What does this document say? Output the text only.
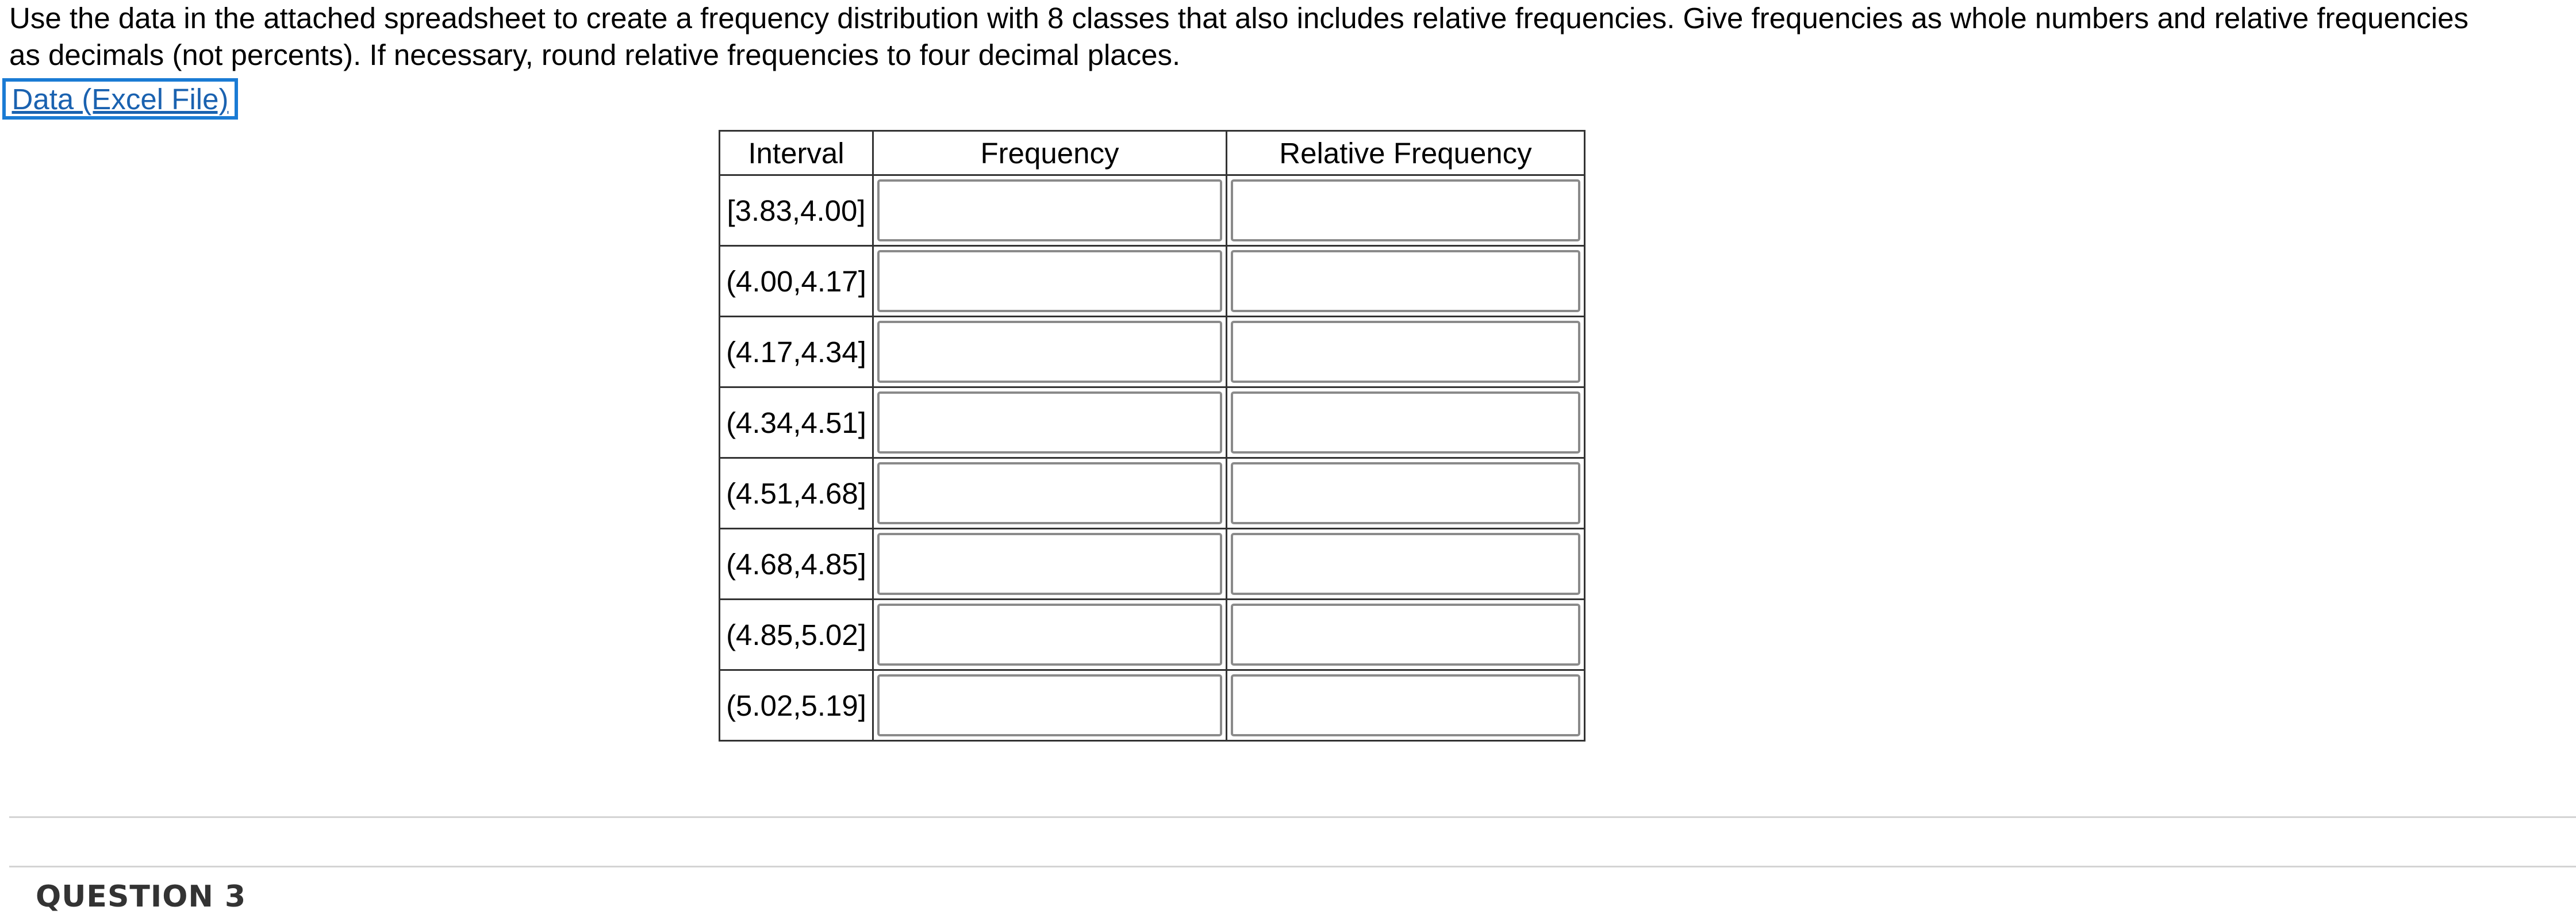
Use the data in the attached spreadsheet to create a frequency distribution with 8 classes that also includes relative frequencies. Give frequencies as whole numbers and relative frequencies as decimals (not percents). If necessary, round relative frequencies to four decimal places.

Data (Excel File)
Interval	Frequency	Relative Frequency
[3.83,4.00]	

(4.00,4.17]	

(4.17,4.34]	

(4.34,4.51]	

(4.51,4.68]	

(4.68,4.85]	

(4.85,5.02]	

(5.02,5.19]	

QUESTION 3
